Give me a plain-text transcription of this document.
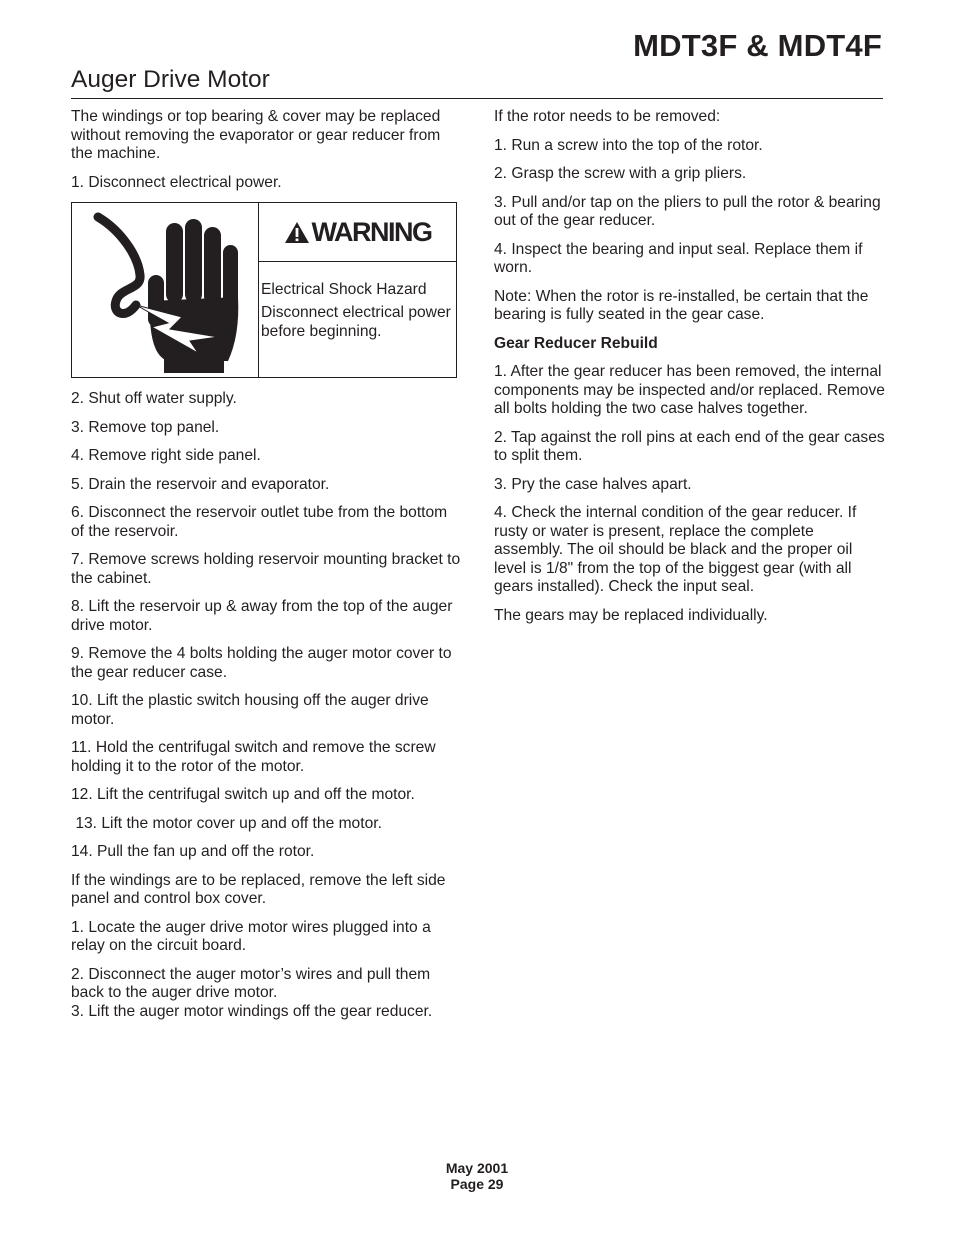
MDT3F & MDT4F
Auger Drive Motor

The windings or top bearing & cover may be replaced without removing the evaporator or gear reducer from the machine.

1. Disconnect electrical power.

WARNING

Electrical Shock Hazard

Disconnect electrical power before beginning.

2. Shut off water supply.

3. Remove top panel.

4. Remove right side panel.

5. Drain the reservoir and evaporator.

6. Disconnect the reservoir outlet tube from the bottom of the reservoir.

7. Remove screws holding reservoir mounting bracket to the cabinet.

8. Lift the reservoir up & away from the top of the auger drive motor.

9. Remove the 4 bolts holding the auger motor cover to the gear reducer case.

10. Lift the plastic switch housing off the auger drive motor.

11. Hold the centrifugal switch and remove the screw holding it to the rotor of the motor.

12. Lift the centrifugal switch up and off the motor.

13. Lift the motor cover up and off the motor.

14. Pull the fan up and off the rotor.

If the windings are to be replaced, remove the left side panel and control box cover.

1. Locate the auger drive motor wires plugged into a relay on the circuit board.

2. Disconnect the auger motor’s wires and pull them back to the auger drive motor.

3. Lift the auger motor windings off the gear reducer.

If the rotor needs to be removed:

1. Run a screw into the top of the rotor.

2. Grasp the screw with a grip pliers.

3. Pull and/or tap on the pliers to pull the rotor & bearing out of the gear reducer.

4. Inspect the bearing and input seal. Replace them if worn.

Note: When the rotor is re-installed, be certain that the bearing is fully seated in the gear case.

Gear Reducer Rebuild

1. After the gear reducer has been removed, the internal components may be inspected and/or replaced. Remove all bolts holding the two case halves together.

2. Tap against the roll pins at each end of the gear cases to split them.

3. Pry the case halves apart.

4. Check the internal condition of the gear reducer. If rusty or water is present, replace the complete assembly. The oil should be black and the proper oil level is 1/8" from the top of the biggest gear (with all gears installed). Check the input seal.

The gears may be replaced individually.

May 2001
Page 29
